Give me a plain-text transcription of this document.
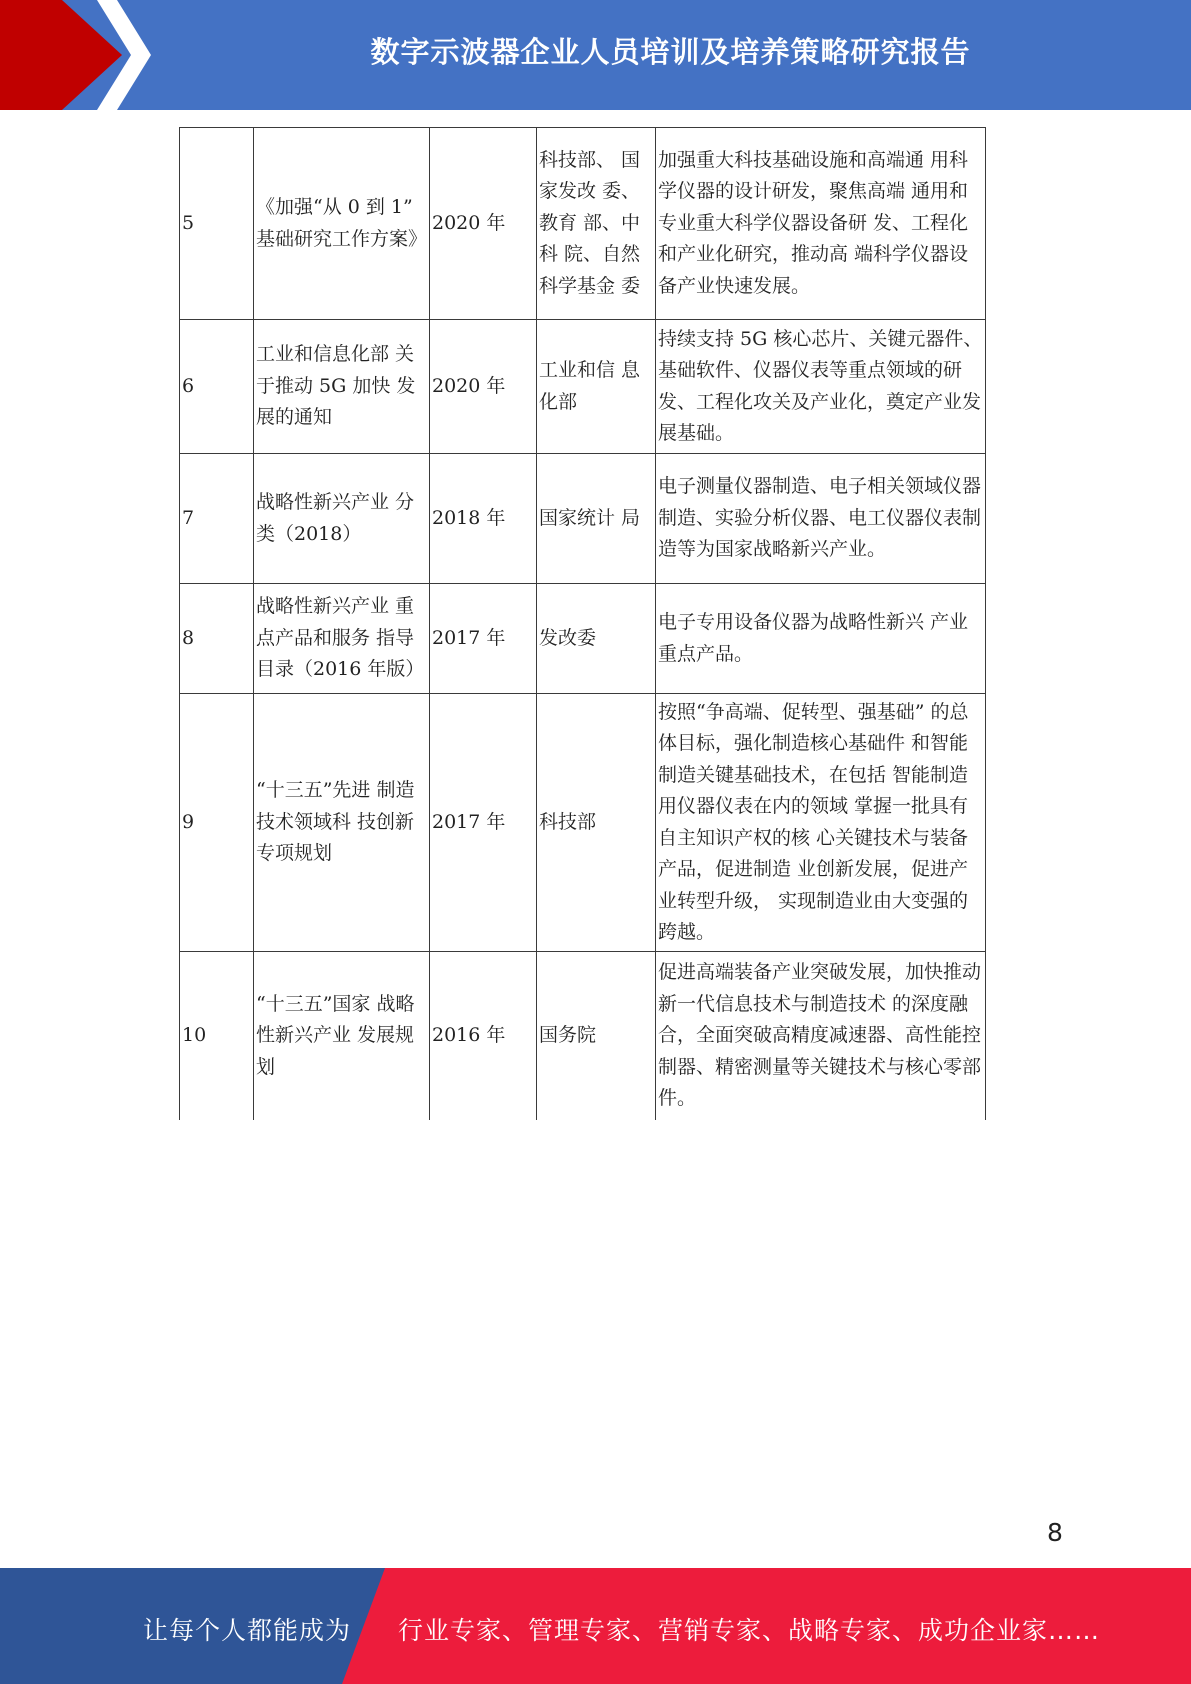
数字示波器企业人员培训及培养策略研究报告
5	《加强“从 0 到 1” 基础研究工作方案》	2020 年	科技部、 国家发改 委、教育 部、中科 院、自然 科学基金 委	加强重大科技基础设施和高端通 用科学仪器的设计研发，聚焦高端 通用和专业重大科学仪器设备研 发、工程化和产业化研究，推动高 端科学仪器设备产业快速发展。
6	工业和信息化部 关于推动 5G 加快 发展的通知	2020 年	工业和信 息化部	持续支持 5G 核心芯片、关键元器件、基础软件、仪器仪表等重点领域的研发、工程化攻关及产业化，奠定产业发展基础。
7	战略性新兴产业 分类（2018）	2018 年	国家统计 局	电子测量仪器制造、电子相关领域仪器制造、实验分析仪器、电工仪器仪表制造等为国家战略新兴产业。
8	战略性新兴产业 重点产品和服务 指导目录（2016 年版）	2017 年	发改委	电子专用设备仪器为战略性新兴 产业重点产品。
9	“十三五”先进 制造技术领域科 技创新专项规划	2017 年	科技部	按照“争高端、促转型、强基础” 的总体目标，强化制造核心基础件 和智能制造关键基础技术，在包括 智能制造用仪器仪表在内的领域 掌握一批具有自主知识产权的核 心关键技术与装备产品，促进制造 业创新发展，促进产业转型升级， 实现制造业由大变强的跨越。
10	“十三五”国家 战略性新兴产业 发展规划	2016 年	国务院	促进高端装备产业突破发展，加快推动新一代信息技术与制造技术 的深度融合，全面突破高精度减速器、高性能控制器、精密测量等关键技术与核心零部件。
8
让每个人都能成为 行业专家、管理专家、营销专家、战略专家、成功企业家……
